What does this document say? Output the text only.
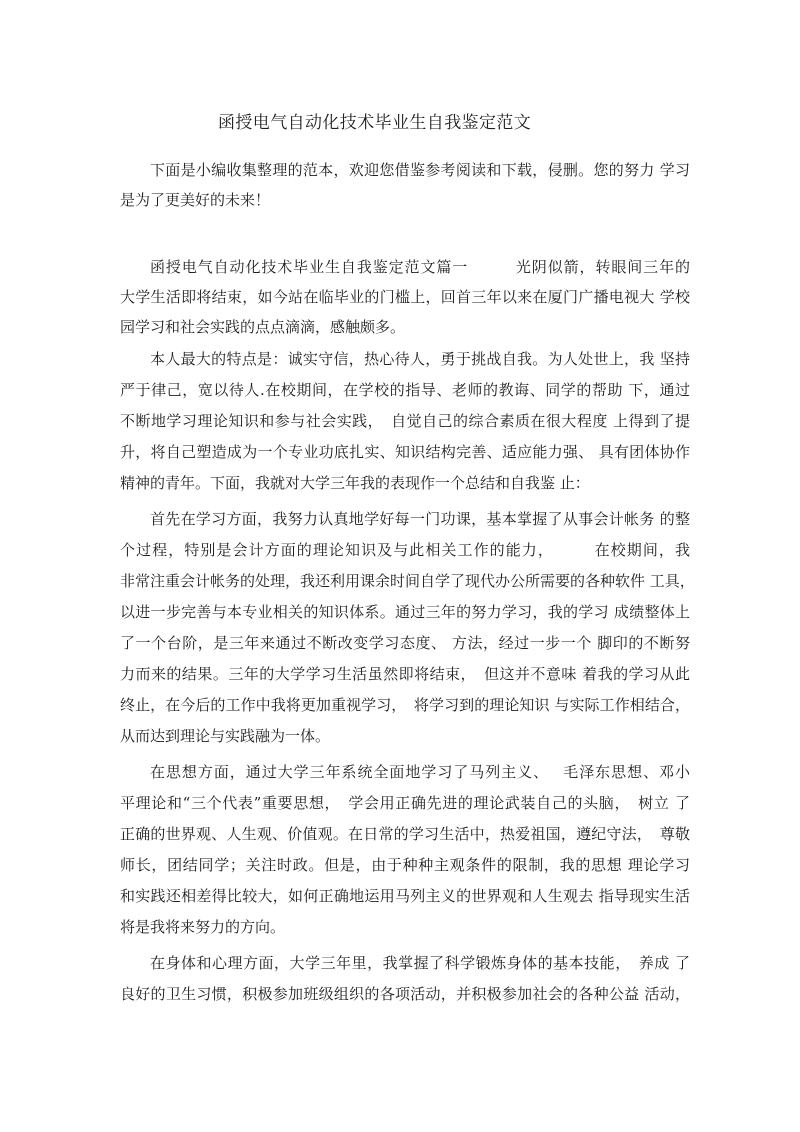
函授电气自动化技术毕业生自我鉴定范文
下面是小编收集整理的范本，欢迎您借鉴参考阅读和下载，侵删。您的努力 学习
是为了更美好的未来！
函授电气自动化技术毕业生自我鉴定范文篇一　　　光阴似箭，转眼间三年的
大学生活即将结束，如今站在临毕业的门槛上，回首三年以来在厦门广播电视大 学校
园学习和社会实践的点点滴滴，感触颇多。
本人最大的特点是：诚实守信，热心待人，勇于挑战自我。为人处世上，我 坚持
严于律己，宽以待人.在校期间，在学校的指导、老师的教诲、同学的帮助 下，通过
不断地学习理论知识和参与社会实践，　自觉自己的综合素质在很大程度 上得到了提
升，将自己塑造成为一个专业功底扎实、知识结构完善、适应能力强、 具有团体协作
精神的青年。下面，我就对大学三年我的表现作一个总结和自我鉴 止：
首先在学习方面，我努力认真地学好每一门功课，基本掌握了从事会计帐务 的整
个过程，特别是会计方面的理论知识及与此相关工作的能力，　　　在校期间，我
非常注重会计帐务的处理，我还利用课余时间自学了现代办公所需要的各种软件 工具，
以进一步完善与本专业相关的知识体系。通过三年的努力学习，我的学习 成绩整体上
了一个台阶，是三年来通过不断改变学习态度、 方法，经过一步一个 脚印的不断努
力而来的结果。三年的大学学习生活虽然即将结束，　但这并不意味 着我的学习从此
终止，在今后的工作中我将更加重视学习，　将学习到的理论知识 与实际工作相结合，
从而达到理论与实践融为一体。
在思想方面，通过大学三年系统全面地学习了马列主义、　 毛泽东思想、邓小
平理论和“三个代表”重要思想，　学会用正确先进的理论武装自己的头脑，　树立 了
正确的世界观、人生观、价值观。在日常的学习生活中，热爱祖国，遵纪守法，　尊敬
师长，团结同学；关注时政。但是，由于种种主观条件的限制，我的思想 理论学习
和实践还相差得比较大，如何正确地运用马列主义的世界观和人生观去 指导现实生活
将是我将来努力的方向。
在身体和心理方面，大学三年里，我掌握了科学锻炼身体的基本技能，　养成 了
良好的卫生习惯，积极参加班级组织的各项活动，并积极参加社会的各种公益 活动，
